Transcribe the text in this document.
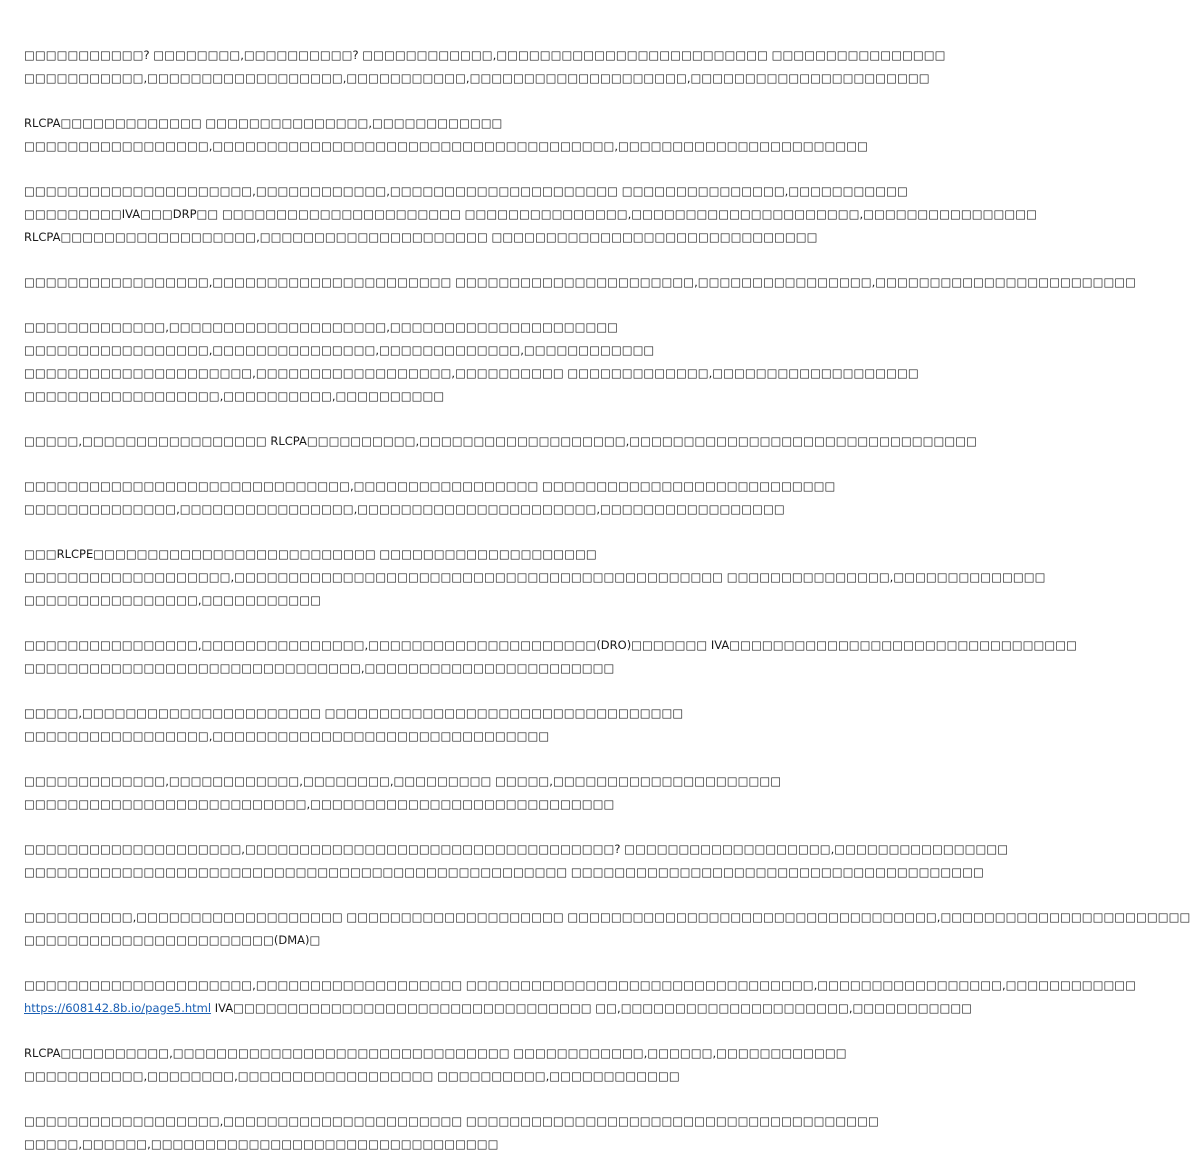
□□□□□□□□□□□? □□□□□□□□,□□□□□□□□□□? □□□□□□□□□□□□,□□□□□□□□□□□□□□□□□□□□□□□□□ □□□□□□□□□□□□□□□□
□□□□□□□□□□□,□□□□□□□□□□□□□□□□□□,□□□□□□□□□□□,□□□□□□□□□□□□□□□□□□□□,□□□□□□□□□□□□□□□□□□□□□□

RLCPA□□□□□□□□□□□□□ □□□□□□□□□□□□□□□,□□□□□□□□□□□□
□□□□□□□□□□□□□□□□□,□□□□□□□□□□□□□□□□□□□□□□□□□□□□□□□□□□□□□,□□□□□□□□□□□□□□□□□□□□□□□

□□□□□□□□□□□□□□□□□□□□□,□□□□□□□□□□□□,□□□□□□□□□□□□□□□□□□□□□ □□□□□□□□□□□□□□□,□□□□□□□□□□□
□□□□□□□□□IVA□□□DRP□□ □□□□□□□□□□□□□□□□□□□□□□ □□□□□□□□□□□□□□□,□□□□□□□□□□□□□□□□□□□□□,□□□□□□□□□□□□□□□□
RLCPA□□□□□□□□□□□□□□□□□□,□□□□□□□□□□□□□□□□□□□□□ □□□□□□□□□□□□□□□□□□□□□□□□□□□□□□

□□□□□□□□□□□□□□□□□,□□□□□□□□□□□□□□□□□□□□□□ □□□□□□□□□□□□□□□□□□□□□□,□□□□□□□□□□□□□□□□,□□□□□□□□□□□□□□□□□□□□□□□□

□□□□□□□□□□□□□,□□□□□□□□□□□□□□□□□□□□,□□□□□□□□□□□□□□□□□□□□□
□□□□□□□□□□□□□□□□□,□□□□□□□□□□□□□□□,□□□□□□□□□□□□□,□□□□□□□□□□□□
□□□□□□□□□□□□□□□□□□□□□,□□□□□□□□□□□□□□□□□□,□□□□□□□□□□ □□□□□□□□□□□□□,□□□□□□□□□□□□□□□□□□□
□□□□□□□□□□□□□□□□□□,□□□□□□□□□□,□□□□□□□□□□

□□□□□,□□□□□□□□□□□□□□□□□ RLCPA□□□□□□□□□□,□□□□□□□□□□□□□□□□□□□,□□□□□□□□□□□□□□□□□□□□□□□□□□□□□□□□

□□□□□□□□□□□□□□□□□□□□□□□□□□□□□□,□□□□□□□□□□□□□□□□□ □□□□□□□□□□□□□□□□□□□□□□□□□□□
□□□□□□□□□□□□□□,□□□□□□□□□□□□□□□□,□□□□□□□□□□□□□□□□□□□□□□,□□□□□□□□□□□□□□□□□

□□□RLCPE□□□□□□□□□□□□□□□□□□□□□□□□□□ □□□□□□□□□□□□□□□□□□□□
□□□□□□□□□□□□□□□□□□□,□□□□□□□□□□□□□□□□□□□□□□□□□□□□□□□□□□□□□□□□□□□□□ □□□□□□□□□□□□□□□,□□□□□□□□□□□□□□
□□□□□□□□□□□□□□□□,□□□□□□□□□□□

□□□□□□□□□□□□□□□□,□□□□□□□□□□□□□□□,□□□□□□□□□□□□□□□□□□□□□(DRO)□□□□□□□ IVA□□□□□□□□□□□□□□□□□□□□□□□□□□□□□□□□
□□□□□□□□□□□□□□□□□□□□□□□□□□□□□□□,□□□□□□□□□□□□□□□□□□□□□□□

□□□□□,□□□□□□□□□□□□□□□□□□□□□□ □□□□□□□□□□□□□□□□□□□□□□□□□□□□□□□□□
□□□□□□□□□□□□□□□□□,□□□□□□□□□□□□□□□□□□□□□□□□□□□□□□□

□□□□□□□□□□□□□,□□□□□□□□□□□□,□□□□□□□□,□□□□□□□□□ □□□□□,□□□□□□□□□□□□□□□□□□□□□
□□□□□□□□□□□□□□□□□□□□□□□□□□,□□□□□□□□□□□□□□□□□□□□□□□□□□□□

□□□□□□□□□□□□□□□□□□□□,□□□□□□□□□□□□□□□□□□□□□□□□□□□□□□□□□□? □□□□□□□□□□□□□□□□□□□,□□□□□□□□□□□□□□□□
□□□□□□□□□□□□□□□□□□□□□□□□□□□□□□□□□□□□□□□□□□□□□□□□□□ □□□□□□□□□□□□□□□□□□□□□□□□□□□□□□□□□□□□□□

□□□□□□□□□□,□□□□□□□□□□□□□□□□□□□ □□□□□□□□□□□□□□□□□□□□ □□□□□□□□□□□□□□□□□□□□□□□□□□□□□□□□□□,□□□□□□□□□□□□□□□□□□□□□□□
□□□□□□□□□□□□□□□□□□□□□□□(DMA)□

□□□□□□□□□□□□□□□□□□□□□,□□□□□□□□□□□□□□□□□□□ □□□□□□□□□□□□□□□□□□□□□□□□□□□□□□□□,□□□□□□□□□□□□□□□□□,□□□□□□□□□□□□
https://608142.8b.io/page5.html IVA□□□□□□□□□□□□□□□□□□□□□□□□□□□□□□□□□ □□,□□□□□□□□□□□□□□□□□□□□□,□□□□□□□□□□□

RLCPA□□□□□□□□□□,□□□□□□□□□□□□□□□□□□□□□□□□□□□□□□□ □□□□□□□□□□□□,□□□□□□,□□□□□□□□□□□□
□□□□□□□□□□□,□□□□□□□□,□□□□□□□□□□□□□□□□□□ □□□□□□□□□□,□□□□□□□□□□□□

□□□□□□□□□□□□□□□□□□,□□□□□□□□□□□□□□□□□□□□□□ □□□□□□□□□□□□□□□□□□□□□□□□□□□□□□□□□□□□□□
□□□□□,□□□□□□,□□□□□□□□□□□□□□□□□□□□□□□□□□□□□□□□
